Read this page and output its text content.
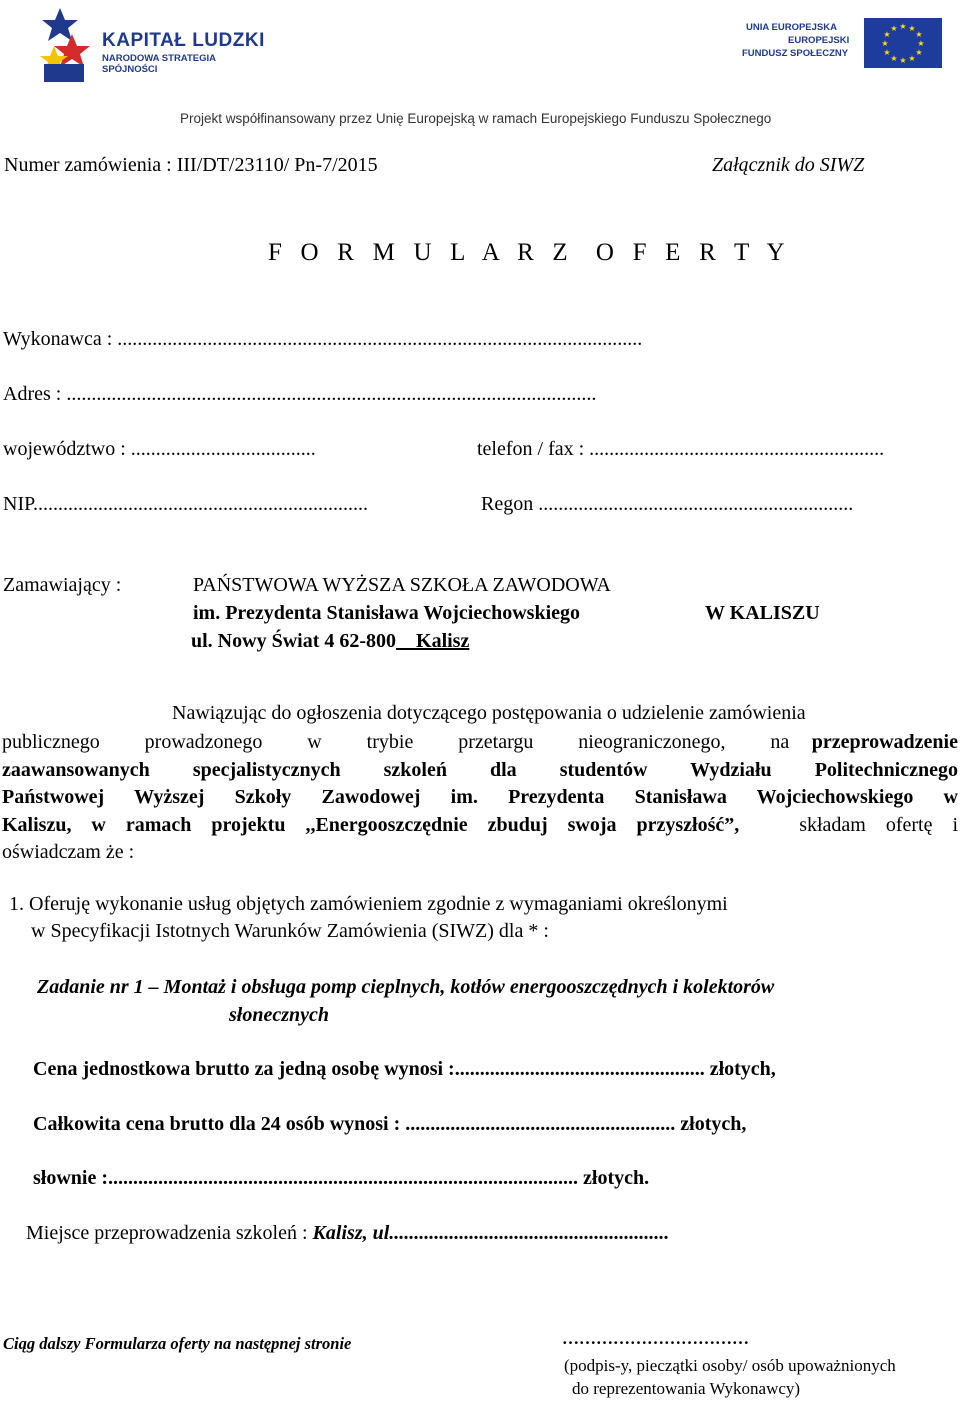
KAPITAŁ LUDZKI
NARODOWA STRATEGIA SPÓJNOŚCI
UNIA EUROPEJSKA
EUROPEJSKI
FUNDUSZ SPOŁECZNY
★ ★
★
★
★
★
★
★
★
★
★
★
Projekt współfinansowany przez Unię Europejską w ramach Europejskiego Funduszu Społecznego
Numer zamówienia : III/DT/23110/ Pn-7/2015	Załącznik do SIWZ
F O R M U L A R Z O F E R T Y
Wykonawca : .........................................................................................................
Adres : ..........................................................................................................
województwo : .....................................	telefon / fax : ...........................................................
NIP...................................................................	Regon ...............................................................
Zamawiający :	PAŃSTWOWA WYŻSZA SZKOŁA ZAWODOWA
im. Prezydenta Stanisława Wojciechowskiego	W KALISZU
ul. Nowy Świat 4 62-800    Kalisz
Nawiązując do ogłoszenia dotyczącego postępowania o udzielenie zamówienia
publicznego  prowadzonego  w  trybie  przetargu  nieograniczonego,  na przeprowadzenie
zaawansowanych specjalistycznych szkoleń dla studentów Wydziału Politechnicznego
Państwowej Wyższej Szkoły Zawodowej im. Prezydenta Stanisława Wojciechowskiego w
Kaliszu, w ramach projektu ,,Energooszczędnie zbuduj swoja przyszłość”,   składam ofertę i
oświadczam że :
1. Oferuję wykonanie usług objętych zamówieniem zgodnie z wymaganiami określonymi
w Specyfikacji Istotnych Warunków Zamówienia (SIWZ) dla * :
Zadanie nr 1 – Montaż i obsługa pomp cieplnych, kotłów energooszczędnych i kolektorów
słonecznych
Cena jednostkowa brutto za jedną osobę wynosi :.................................................. złotych,
Całkowita cena brutto dla 24 osób wynosi : ...................................................... złotych,
słownie :.............................................................................................. złotych.
Miejsce przeprowadzenia szkoleń : Kalisz, ul........................................................
Ciąg dalszy Formularza oferty na następnej stronie	……………………………
(podpis-y, pieczątki osoby/ osób upoważnionych
do reprezentowania Wykonawcy)
